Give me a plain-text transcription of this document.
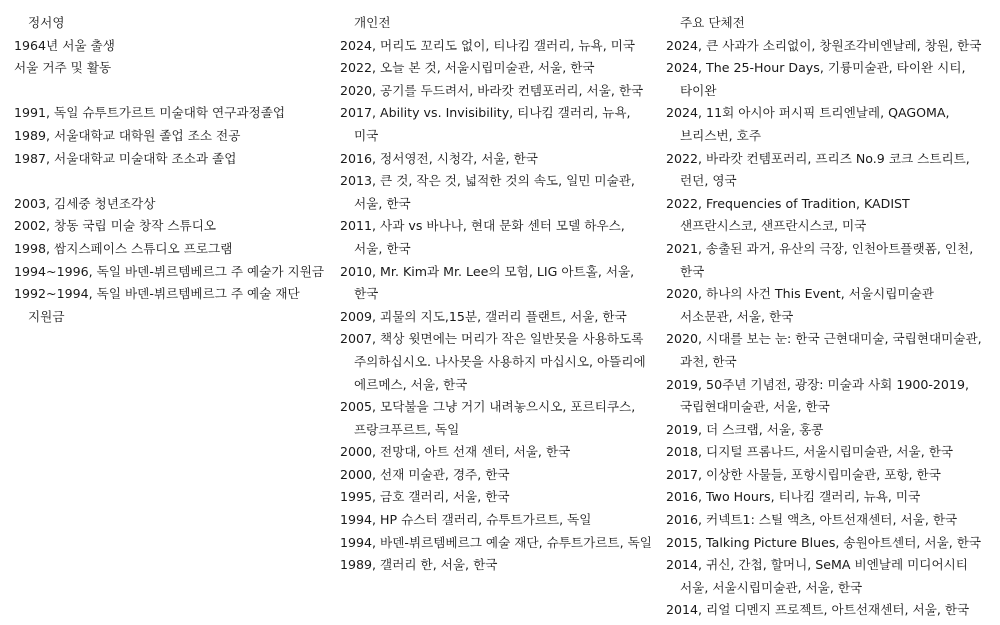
정서영
1964년 서울 출생
서울 거주 및 활동
1991, 독일 슈투트가르트 미술대학 연구과정졸업
1989, 서울대학교 대학원 졸업 조소 전공
1987, 서울대학교 미술대학 조소과 졸업
2003, 김세중 청년조각상
2002, 창동 국립 미술 창작 스튜디오
1998, 쌈지스페이스 스튜디오 프로그램
1994~1996, 독일 바덴-뷔르템베르그 주 예술가 지원금
1992~1994, 독일 바덴-뷔르템베르그 주 예술 재단 지원금
개인전
2024, 머리도 꼬리도 없이, 티나킴 갤러리, 뉴욕, 미국
2022, 오늘 본 것, 서울시립미술관, 서울, 한국
2020, 공기를 두드려서, 바라캇 컨템포러리, 서울, 한국
2017, Ability vs. Invisibility, 티나킴 갤러리, 뉴욕, 미국
2016, 정서영전, 시청각, 서울, 한국
2013, 큰 것, 작은 것, 넓적한 것의 속도, 일민 미술관, 서울, 한국
2011, 사과 vs 바나나, 현대 문화 센터 모델 하우스, 서울, 한국
2010, Mr. Kim과 Mr. Lee의 모험, LIG 아트홀, 서울, 한국
2009, 괴물의 지도,15분, 갤러리 플랜트, 서울, 한국
2007, 책상 윗면에는 머리가 작은 일반못을 사용하도록 주의하십시오. 나사못을 사용하지 마십시오, 아뜰리에 에르메스, 서울, 한국
2005, 모닥불을 그냥 거기 내려놓으시오, 포르티쿠스, 프랑크푸르트, 독일
2000, 전망대, 아트 선재 센터, 서울, 한국
2000, 선재 미술관, 경주, 한국
1995, 금호 갤러리, 서울, 한국
1994, HP 슈스터 갤러리, 슈투트가르트, 독일
1994, 바덴-뷔르템베르그 예술 재단, 슈투트가르트, 독일
1989, 갤러리 한, 서울, 한국
주요 단체전
2024, 큰 사과가 소리없이, 창원조각비엔날레, 창원, 한국
2024, The 25-Hour Days, 기륭미술관, 타이완 시티, 타이완
2024, 11회 아시아 퍼시픽 트리엔날레, QAGOMA, 브리스번, 호주
2022, 바라캇 컨템포러리, 프리즈 No.9 코크 스트리트, 런던, 영국
2022, Frequencies of Tradition, KADIST 샌프란시스코, 샌프란시스코, 미국
2021, 송출된 과거, 유산의 극장, 인천아트플랫폼, 인천, 한국
2020, 하나의 사건 This Event, 서울시립미술관 서소문관, 서울, 한국
2020, 시대를 보는 눈: 한국 근현대미술, 국립현대미술관, 과천, 한국
2019, 50주년 기념전, 광장: 미술과 사회 1900-2019, 국립현대미술관, 서울, 한국
2019, 더 스크랩, 서울, 홍콩
2018, 디지털 프롬나드, 서울시립미술관, 서울, 한국
2017, 이상한 사물들, 포항시립미술관, 포항, 한국
2016, Two Hours, 티나킴 갤러리, 뉴욕, 미국
2016, 커넥트1: 스틸 액츠, 아트선재센터, 서울, 한국
2015, Talking Picture Blues, 송원아트센터, 서울, 한국
2014, 귀신, 간첩, 할머니, SeMA 비엔날레 미디어시티 서울, 서울시립미술관, 서울, 한국
2014, 리얼 디멘지 프로젝트, 아트선재센터, 서울, 한국
